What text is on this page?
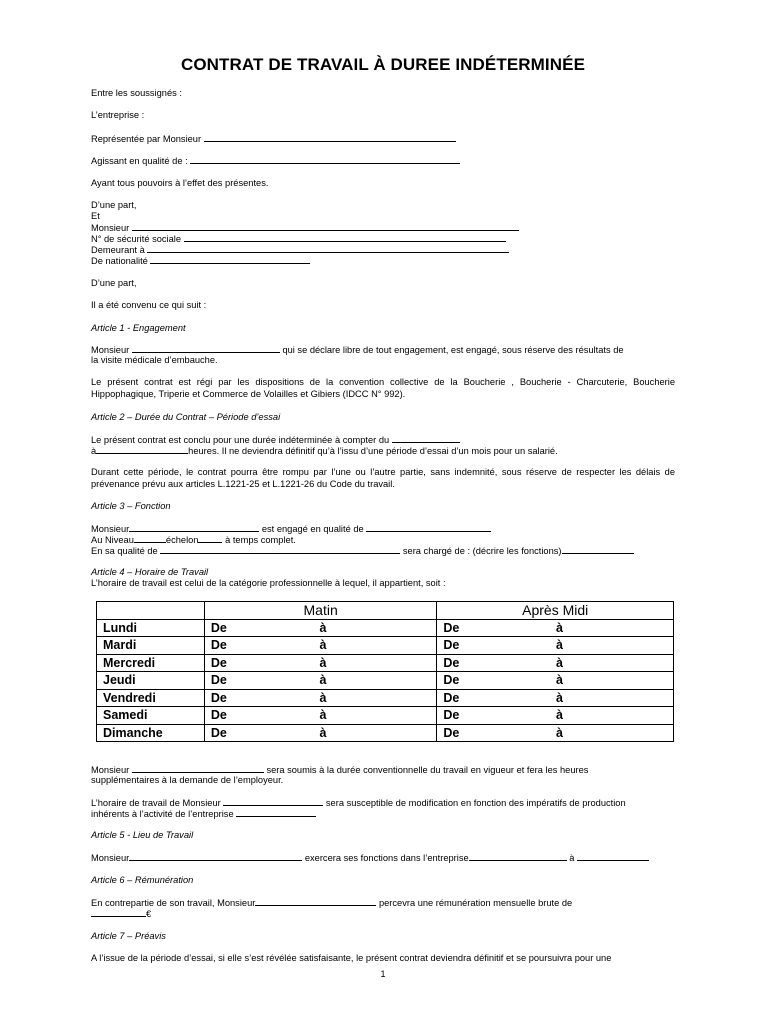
CONTRAT DE TRAVAIL À DUREE INDÉTERMINÉE
Entre les soussignés :
L’entreprise :
Représentée par Monsieur
Agissant en qualité de :
Ayant tous pouvoirs à l’effet des présentes.
D’une part,
Et
Monsieur
N° de sécurité sociale
Demeurant à
De nationalité
D’une part,
Il a été convenu ce qui suit :
Article 1 - Engagement
Monsieur	qui se déclare libre de tout engagement, est engagé, sous réserve des résultats de
la visite médicale d’embauche.
Le présent contrat est régi par les dispositions de la convention collective de la Boucherie , Boucherie - Charcuterie, Boucherie Hippophagique, Triperie et Commerce de Volailles et Gibiers (IDCC N° 992).
Article 2 – Durée du Contrat – Période d’essai
Le présent contrat est conclu pour une durée indéterminée à compter du
à	heures. Il ne deviendra définitif qu’à l’issu d’une période d’essai d’un mois pour un salarié.
Durant cette période, le contrat pourra être rompu par l’une ou l’autre partie, sans indemnité, sous réserve de respecter les délais de prévenance prévu aux articles L.1221-25 et L.1221-26 du Code du travail.
Article 3 – Fonction
Monsieur	est engagé en qualité de
Au Niveau	échelon	à temps complet.
En sa qualité de	sera chargé de : (décrire les fonctions)
Article 4 – Horaire de Travail
L’horaire de travail est celui de la catégorie professionnelle à lequel, il appartient, soit :
	Matin	Après Midi
Lundi	De à	De à

Mardi	De à	De à

Mercredi	De à	De à

Jeudi	De à	De à

Vendredi	De à	De à

Samedi	De à	De à

Dimanche	De à	De à
Monsieur	sera soumis à la durée conventionnelle du travail en vigueur et fera les heures
supplémentaires à la demande de l’employeur.
L’horaire de travail de Monsieur	sera susceptible de modification en fonction des impératifs de production
inhérents à l’activité de l’entreprise
Article 5 - Lieu de Travail
Monsieur	exercera ses fonctions dans l’entreprise	à
Article 6 – Rémunération
En contrepartie de son travail, Monsieur	percevra une rémunération mensuelle brute de
€
Article 7 – Préavis
A l’issue de la période d’essai, si elle s’est révélée satisfaisante, le présent contrat deviendra définitif et se poursuivra pour une
1
